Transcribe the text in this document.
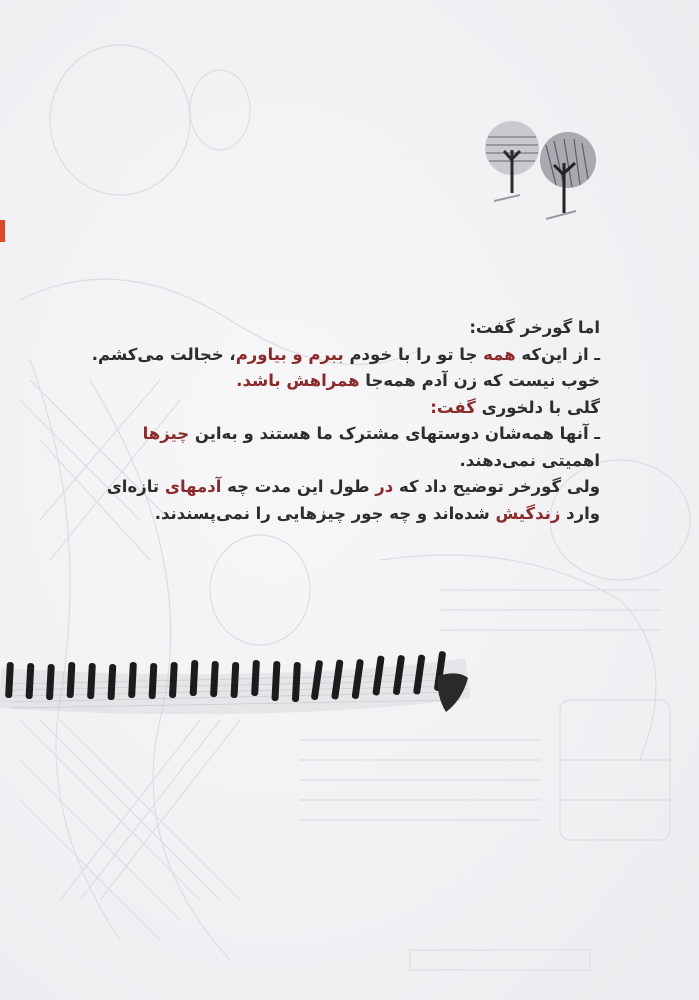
اما گورخر گفت:
ـ از این‌که همه جا تو را با خودم ببرم و بیاورم، خجالت می‌کشم.
خوب نیست که زن آدم همه‌جا همراهش باشد.
گلی با دلخوری گفت:
ـ آنها همه‌شان دوستهای مشترک ما هستند و به‌این چیزها
اهمیتی نمی‌دهند.
ولی گورخر توضیح داد که در طول این مدت چه آدمهای تازه‌ای
وارد زندگیش شده‌اند و چه جور چیزهایی را نمی‌پسندند.
